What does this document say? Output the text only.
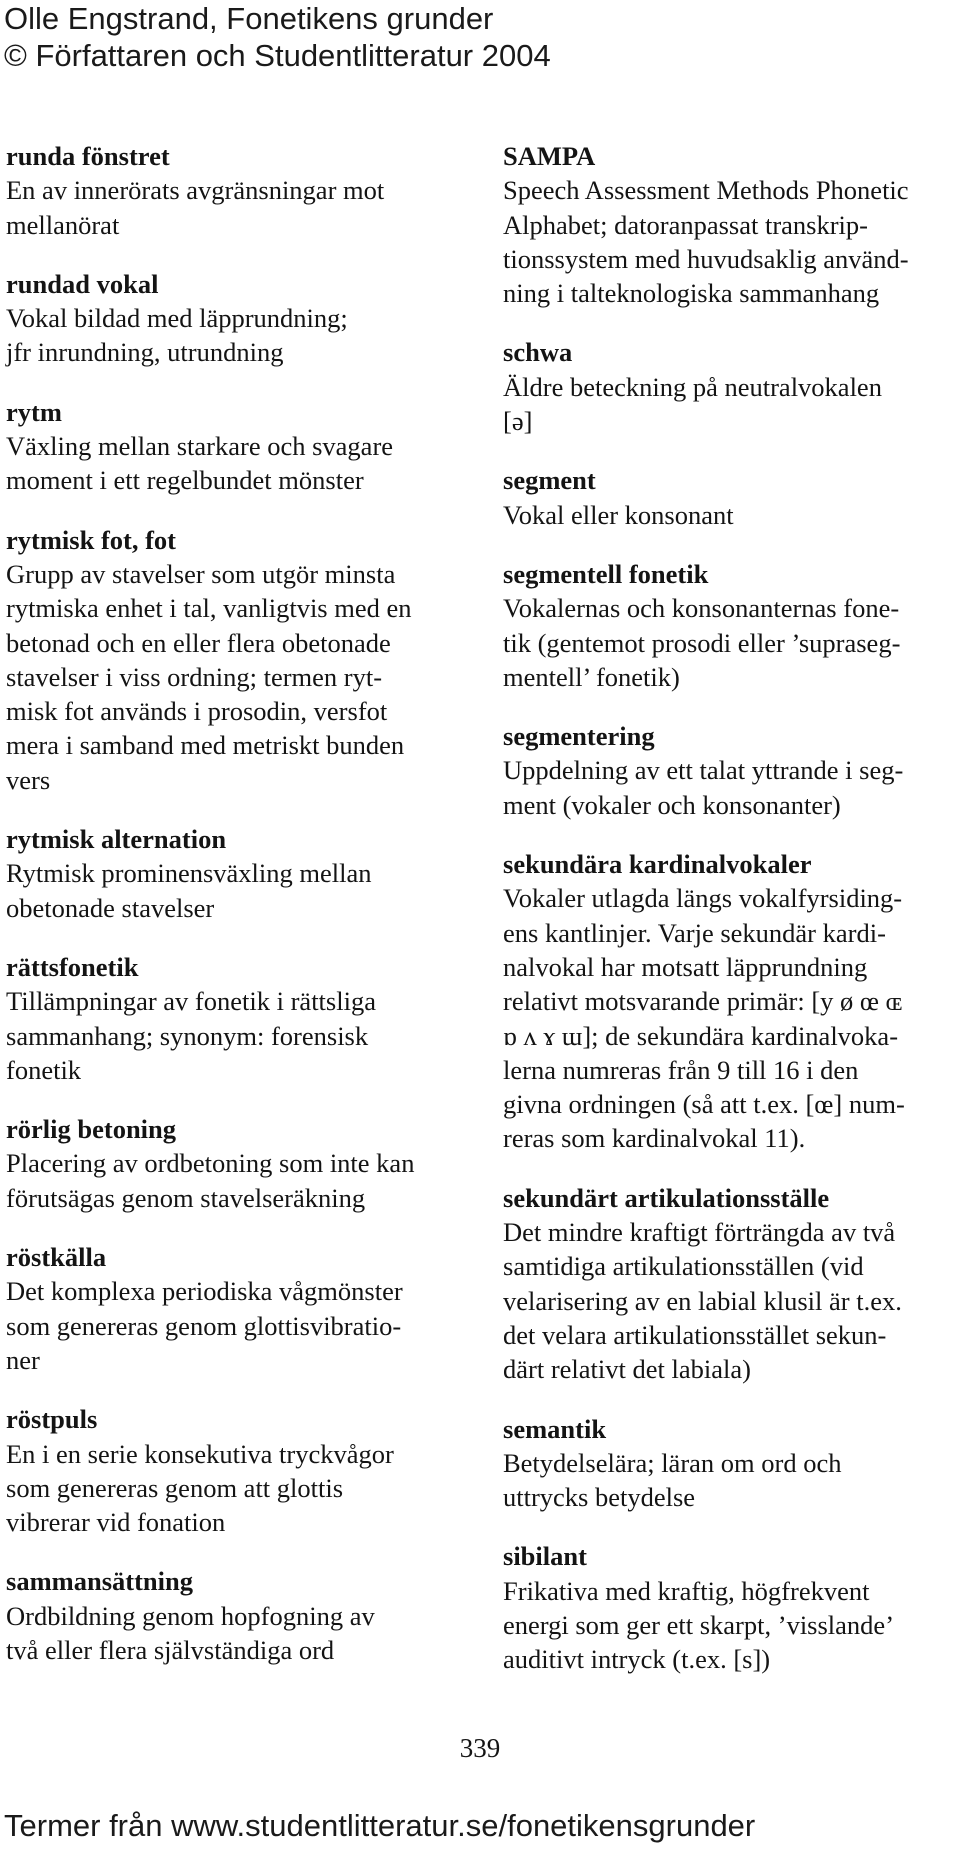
Olle Engstrand, Fonetikens grunder
© Författaren och Studentlitteratur 2004
runda fönstret
En av innerörats avgränsningar mot
mellanörat
rundad vokal
Vokal bildad med läpprundning;
jfr inrundning, utrundning
rytm
Växling mellan starkare och svagare
moment i ett regelbundet mönster
rytmisk fot, fot
Grupp av stavelser som utgör minsta
rytmiska enhet i tal, vanligtvis med en
betonad och en eller flera obetonade
stavelser i viss ordning; termen ryt-
misk fot används i prosodin, versfot
mera i samband med metriskt bunden
vers
rytmisk alternation
Rytmisk prominensväxling mellan
obetonade stavelser
rättsfonetik
Tillämpningar av fonetik i rättsliga
sammanhang; synonym: forensisk
fonetik
rörlig betoning
Placering av ordbetoning som inte kan
förutsägas genom stavelseräkning
röstkälla
Det komplexa periodiska vågmönster
som genereras genom glottisvibratio-
ner
röstpuls
En i en serie konsekutiva tryckvågor
som genereras genom att glottis
vibrerar vid fonation
sammansättning
Ordbildning genom hopfogning av
två eller flera självständiga ord
SAMPA
Speech Assessment Methods Phonetic
Alphabet; datoranpassat transkrip-
tionssystem med huvudsaklig använd-
ning i talteknologiska sammanhang
schwa
Äldre beteckning på neutralvokalen
[ə]
segment
Vokal eller konsonant
segmentell fonetik
Vokalernas och konsonanternas fone-
tik (gentemot prosodi eller ’supraseg-
mentell’ fonetik)
segmentering
Uppdelning av ett talat yttrande i seg-
ment (vokaler och konsonanter)
sekundära kardinalvokaler
Vokaler utlagda längs vokalfyrsiding-
ens kantlinjer. Varje sekundär kardi-
nalvokal har motsatt läpprundning
relativt motsvarande primär: [y ø œ ɶ
ɒ ʌ ɤ ɯ]; de sekundära kardinalvoka-
lerna numreras från 9 till 16 i den
givna ordningen (så att t.ex. [œ] num-
reras som kardinalvokal 11).
sekundärt artikulationsställe
Det mindre kraftigt förträngda av två
samtidiga artikulationsställen (vid
velarisering av en labial klusil är t.ex.
det velara artikulationsstället sekun-
därt relativt det labiala)
semantik
Betydelselära; läran om ord och
uttrycks betydelse
sibilant
Frikativa med kraftig, högfrekvent
energi som ger ett skarpt, ’visslande’
auditivt intryck (t.ex. [s])
339
Termer från www.studentlitteratur.se/fonetikensgrunder
